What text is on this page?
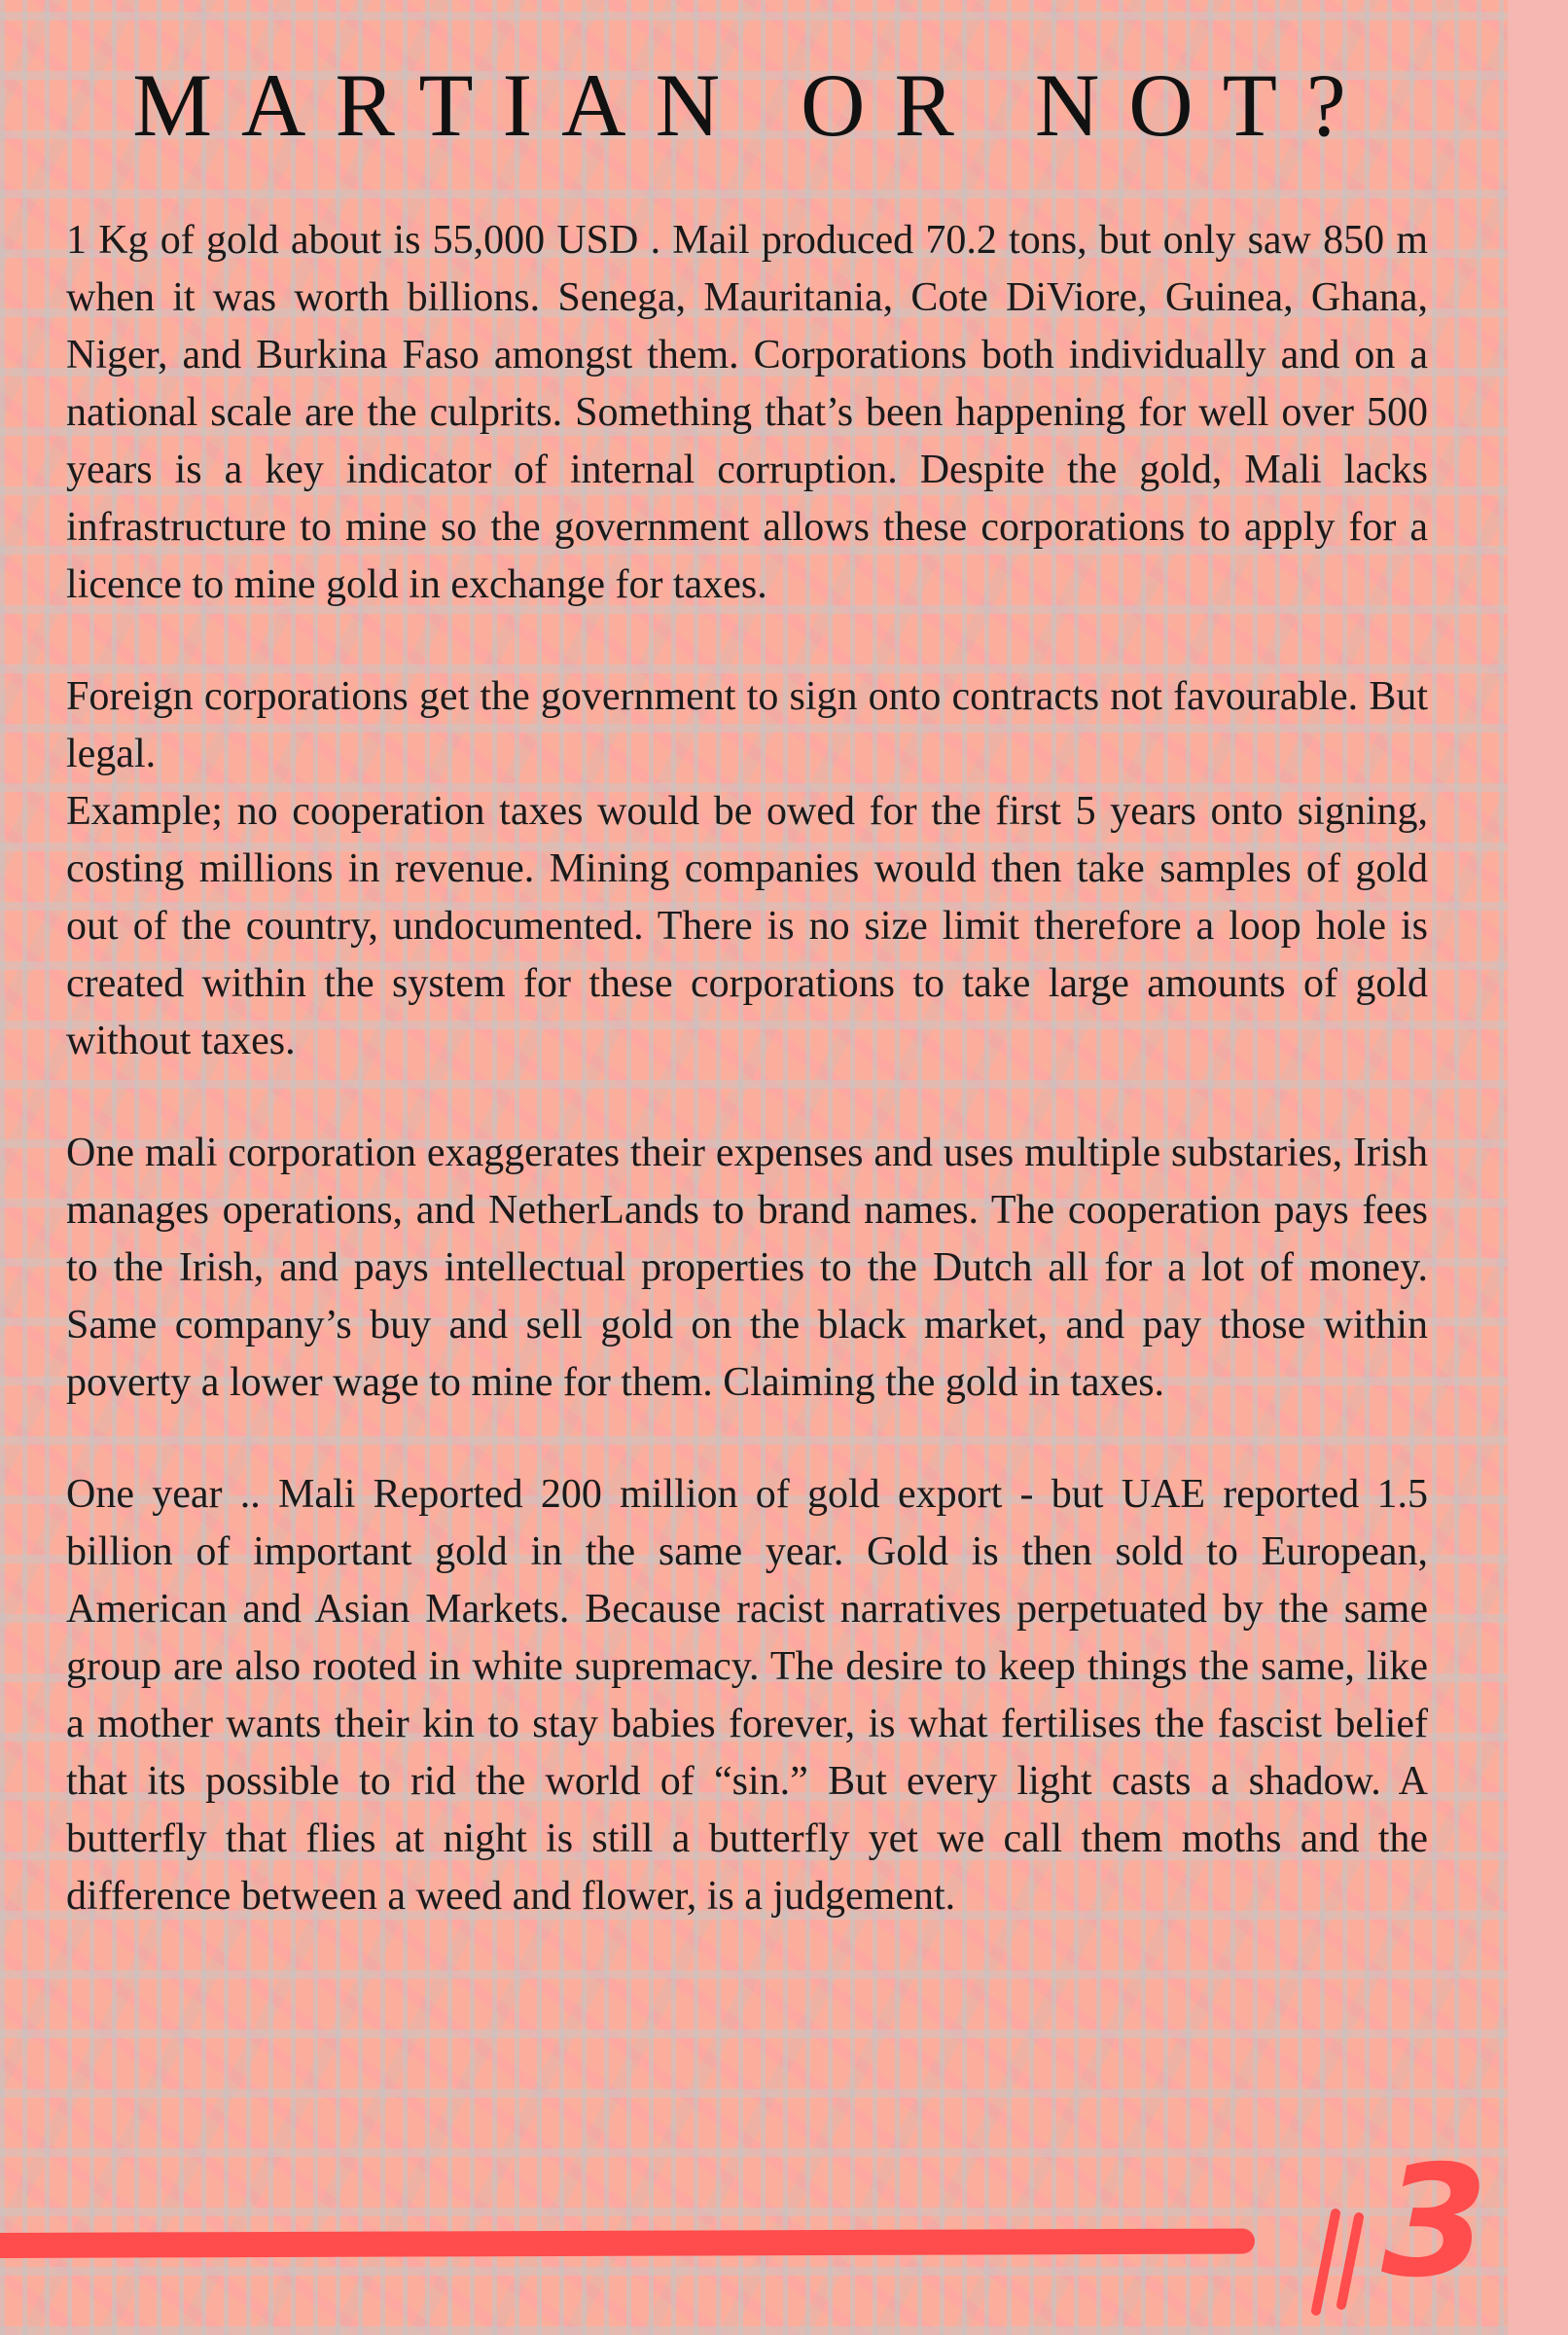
MARTIAN OR NOT?

1 Kg of gold about is 55,000 USD . Mail produced 70.2 tons, but only saw 850 m when it was worth billions. Senega, Mauritania, Cote DiViore, Guinea, Ghana, Niger, and Burkina Faso amongst them. Corporations both individually and on a national scale are the culprits. Something that’s been happening for well over 500 years is a key indicator of internal corruption. Despite the gold, Mali lacks infrastructure to mine so the government allows these corporations to apply for a licence to mine gold in exchange for taxes.

Foreign corporations get the government to sign onto contracts not favourable. But legal.

Example; no cooperation taxes would be owed for the first 5 years onto signing, costing millions in revenue. Mining companies would then take samples of gold out of the country, undocumented. There is no size limit therefore a loop hole is created within the system for these corporations to take large amounts of gold without taxes.

One mali corporation exaggerates their expenses and uses multiple substaries, Irish manages operations, and NetherLands to brand names. The cooperation pays fees to the Irish, and pays intellectual properties to the Dutch all for a lot of money. Same company’s buy and sell gold on the black market, and pay those within poverty a lower wage to mine for them. Claiming the gold in taxes.

One year .. Mali Reported 200 million of gold export - but UAE reported 1.5 billion of important gold in the same year. Gold is then sold to European, American and Asian Markets. Because racist narratives perpetuated by the same group are also rooted in white supremacy. The desire to keep things the same, like a mother wants their kin to stay babies forever, is what fertilises the fascist belief that its possible to rid the world of “sin.” But every light casts a shadow. A butterfly that flies at night is still a butterfly yet we call them moths and the difference between a weed and flower, is a judgement.

3
